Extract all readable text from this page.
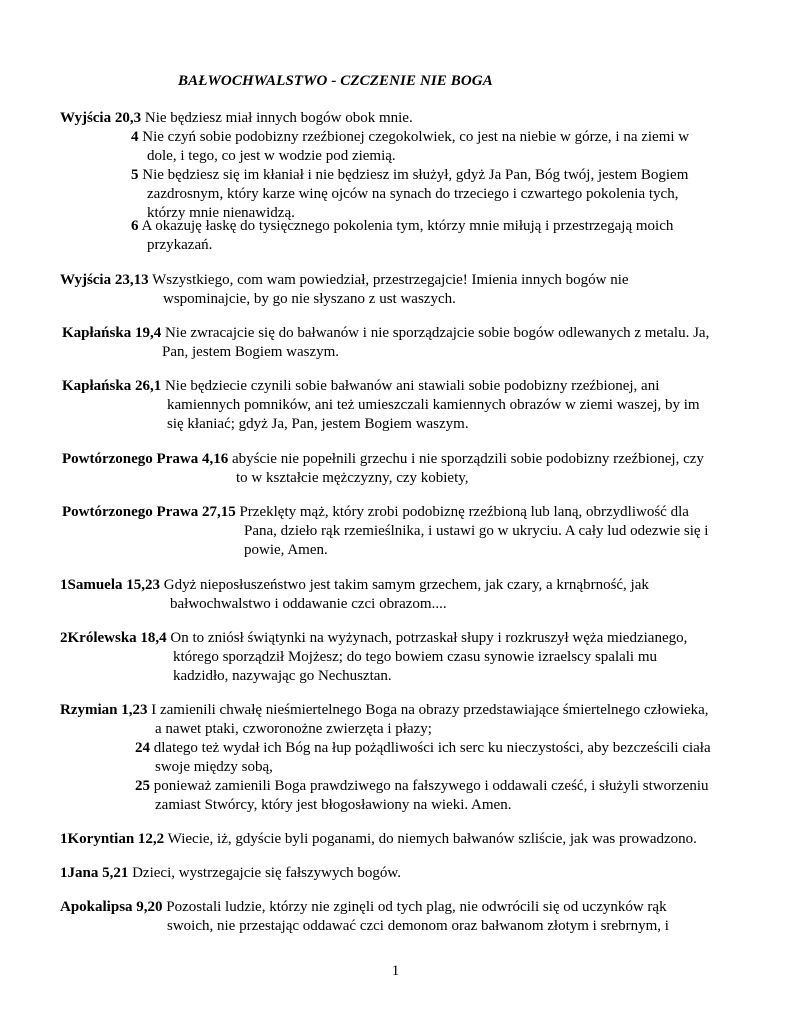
BAŁWOCHWALSTWO - CZCZENIE NIE BOGA
Wyjścia 20,3 Nie będziesz miał innych bogów obok mnie.
4 Nie czyń sobie podobizny rzeźbionej czegokolwiek, co jest na niebie w górze, i na ziemi w
dole, i tego, co jest w wodzie pod ziemią.
5 Nie będziesz się im kłaniał i nie będziesz im służył, gdyż Ja Pan, Bóg twój, jestem Bogiem
zazdrosnym, który karze winę ojców na synach do trzeciego i czwartego pokolenia tych,
którzy mnie nienawidzą.
6 A okazuję łaskę do tysięcznego pokolenia tym, którzy mnie miłują i przestrzegają moich
przykazań.
Wyjścia 23,13 Wszystkiego, com wam powiedział, przestrzegajcie! Imienia innych bogów nie
wspominajcie, by go nie słyszano z ust waszych.
Kapłańska 19,4 Nie zwracajcie się do bałwanów i nie sporządzajcie sobie bogów odlewanych z metalu. Ja,
Pan, jestem Bogiem waszym.
Kapłańska 26,1 Nie będziecie czynili sobie bałwanów ani stawiali sobie podobizny rzeźbionej, ani
kamiennych pomników, ani też umieszczali kamiennych obrazów w ziemi waszej, by im
się kłaniać; gdyż Ja, Pan, jestem Bogiem waszym.
Powtórzonego Prawa 4,16 abyście nie popełnili grzechu i nie sporządzili sobie podobizny rzeźbionej, czy
to w kształcie mężczyzny, czy kobiety,
Powtórzonego Prawa 27,15 Przeklęty mąż, który zrobi podobiznę rzeźbioną lub laną, obrzydliwość dla
Pana, dzieło rąk rzemieślnika, i ustawi go w ukryciu. A cały lud odezwie się i
powie, Amen.
1Samuela 15,23 Gdyż nieposłuszeństwo jest takim samym grzechem, jak czary, a krnąbrność, jak
bałwochwalstwo i oddawanie czci obrazom....
2Królewska 18,4 On to zniósł świątynki na wyżynach, potrzaskał słupy i rozkruszył węża miedzianego,
którego sporządził Mojżesz; do tego bowiem czasu synowie izraelscy spalali mu
kadzidło, nazywając go Nechusztan.
Rzymian 1,23 I zamienili chwałę nieśmiertelnego Boga na obrazy przedstawiające śmiertelnego człowieka,
a nawet ptaki, czworonożne zwierzęta i płazy;
24 dlatego też wydał ich Bóg na łup pożądliwości ich serc ku nieczystości, aby bezcześcili ciała
swoje między sobą,
25 ponieważ zamienili Boga prawdziwego na fałszywego i oddawali cześć, i służyli stworzeniu
zamiast Stwórcy, który jest błogosławiony na wieki. Amen.
1Koryntian 12,2 Wiecie, iż, gdyście byli poganami, do niemych bałwanów szliście, jak was prowadzono.
1Jana 5,21 Dzieci, wystrzegajcie się fałszywych bogów.
Apokalipsa 9,20 Pozostali ludzie, którzy nie zginęli od tych plag, nie odwrócili się od uczynków rąk
swoich, nie przestając oddawać czci demonom oraz bałwanom złotym i srebrnym, i
1
